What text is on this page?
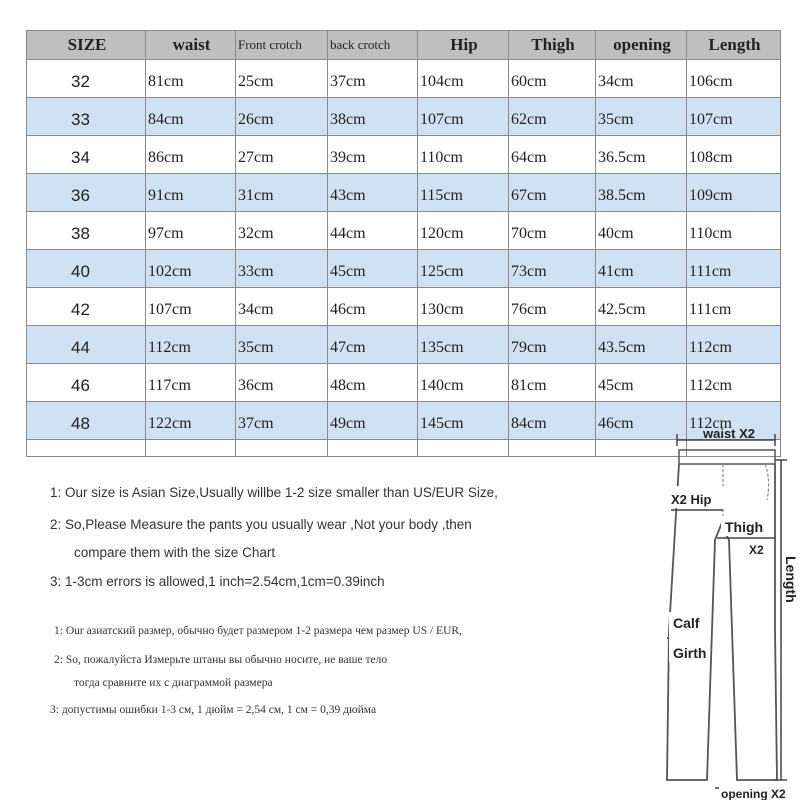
SIZE	waist	Front crotch	back crotch	Hip	Thigh	opening	Length
32	81cm	25cm	37cm	104cm	60cm	34cm	106cm
33	84cm	26cm	38cm	107cm	62cm	35cm	107cm
34	86cm	27cm	39cm	110cm	64cm	36.5cm	108cm
36	91cm	31cm	43cm	115cm	67cm	38.5cm	109cm
38	97cm	32cm	44cm	120cm	70cm	40cm	110cm
40	102cm	33cm	45cm	125cm	73cm	41cm	111cm
42	107cm	34cm	46cm	130cm	76cm	42.5cm	111cm
44	112cm	35cm	47cm	135cm	79cm	43.5cm	112cm
46	117cm	36cm	48cm	140cm	81cm	45cm	112cm
48	122cm	37cm	49cm	145cm	84cm	46cm	112cm

1: Our size is Asian Size,Usually willbe 1-2 size smaller than US/EUR Size,
2: So,Please Measure the pants you usually wear ,Not your body ,then
compare them with the size Chart
3: 1-3cm errors is allowed,1 inch=2.54cm,1cm=0.39inch
1: Our азиатский размер, обычно будет размером 1-2 размера чем размер US / EUR,
2: So, пожалуйста Измерьте штаны вы обычно носите, не ваше тело
тогда сравните их с диаграммой размера
3: допустимы ошибки 1-3 см, 1 дюйм = 2,54 см, 1 см = 0,39 дюйма
waist X2
X2 Hip
Thigh
X2
Length
Calf
Girth
opening X2
